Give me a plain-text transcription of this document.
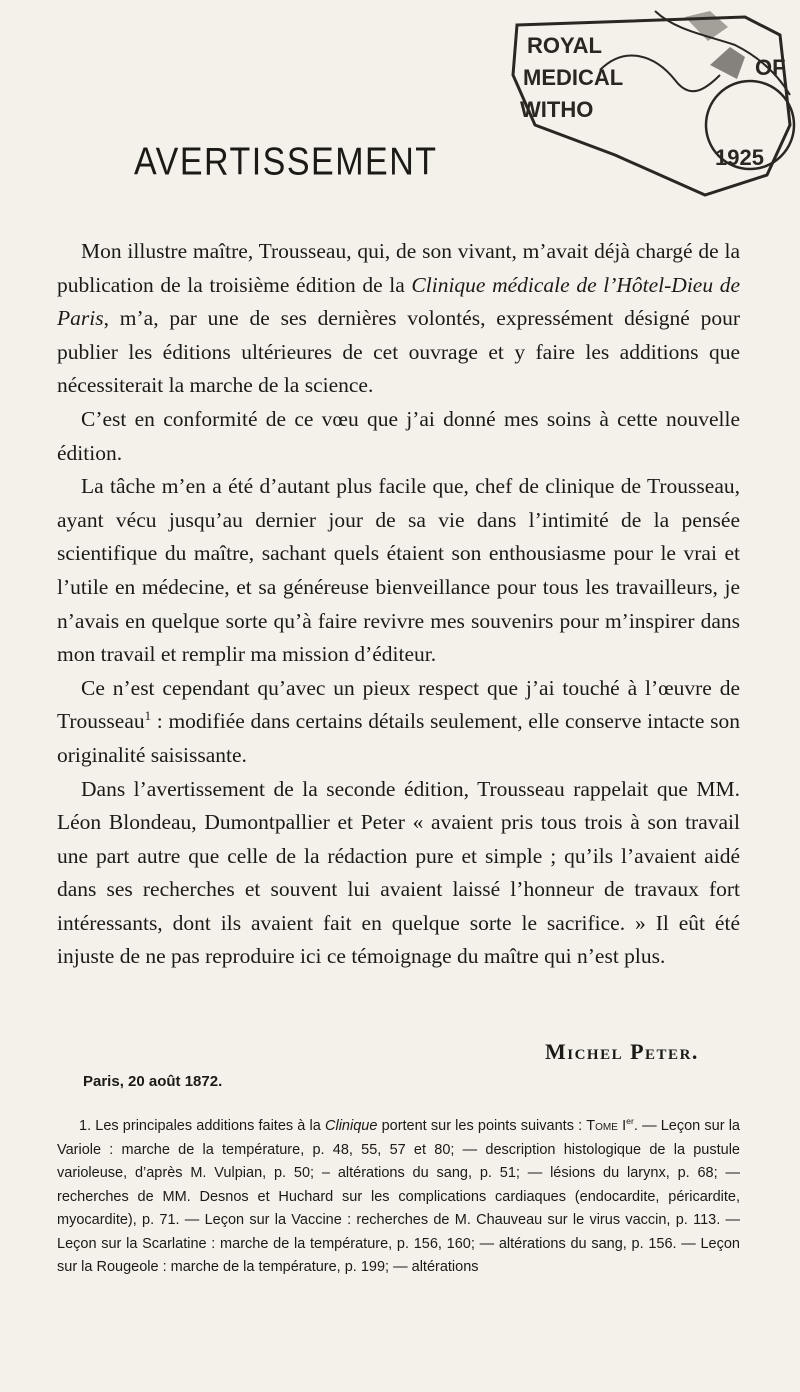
ROYAL
MEDICAL
WITHO
OF
1925
AVERTISSEMENT

Mon illustre maître, Trousseau, qui, de son vivant, m’avait déjà chargé de la publication de la troisième édition de la Clinique médicale de l’Hôtel-Dieu de Paris, m’a, par une de ses dernières volontés, expressément désigné pour publier les éditions ultérieures de cet ouvrage et y faire les additions que nécessiterait la marche de la science.

C’est en conformité de ce vœu que j’ai donné mes soins à cette nouvelle édition.

La tâche m’en a été d’autant plus facile que, chef de clinique de Trousseau, ayant vécu jusqu’au dernier jour de sa vie dans l’intimité de la pensée scientifique du maître, sachant quels étaient son enthousiasme pour le vrai et l’utile en médecine, et sa généreuse bienveillance pour tous les travailleurs, je n’avais en quelque sorte qu’à faire revivre mes souvenirs pour m’inspirer dans mon travail et remplir ma mission d’éditeur.

Ce n’est cependant qu’avec un pieux respect que j’ai touché à l’œuvre de Trousseau$^1$ : modifiée dans certains détails seulement, elle conserve intacte son originalité saisissante.

Dans l’avertissement de la seconde édition, Trousseau rappelait que MM. Léon Blondeau, Dumontpallier et Peter « avaient pris tous trois à son travail une part autre que celle de la rédaction pure et simple ; qu’ils l’avaient aidé dans ses recherches et souvent lui avaient laissé l’honneur de travaux fort intéressants, dont ils avaient fait en quelque sorte le sacrifice. » Il eût été injuste de ne pas reproduire ici ce témoignage du maître qui n’est plus.

Michel Peter.
Paris, 20 août 1872.

1. Les principales additions faites à la Clinique portent sur les points suivants : Tome Ier. — Leçon sur la Variole : marche de la température, p. 48, 55, 57 et 80; — description histologique de la pustule varioleuse, d’après M. Vulpian, p. 50; – altérations du sang, p. 51; — lésions du larynx, p. 68; — recherches de MM. Desnos et Huchard sur les complications cardiaques (endocardite, péricardite, myocardite), p. 71. — Leçon sur la Vaccine : recherches de M. Chauveau sur le virus vaccin, p. 113. — Leçon sur la Scarlatine : marche de la température, p. 156, 160; — altérations du sang, p. 156. — Leçon sur la Rougeole : marche de la température, p. 199; — altérations
